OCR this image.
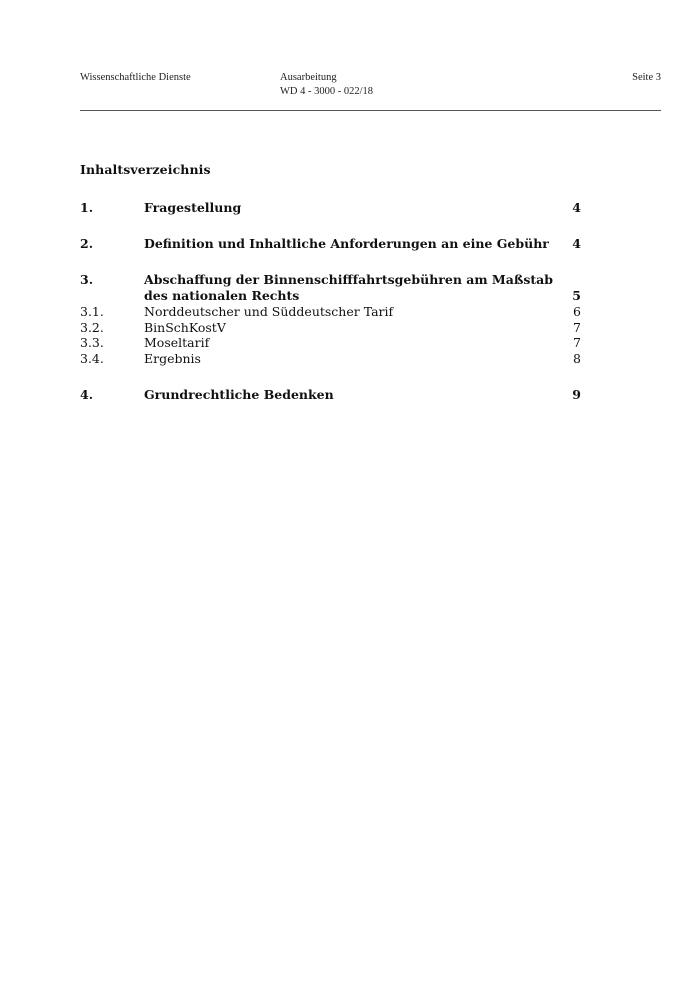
Wissenschaftliche Dienste	Ausarbeitung
WD 4 - 3000 - 022/18
Seite 3
Inhaltsverzeichnis
1.	Fragestellung	4
2.	Definition und Inhaltliche Anforderungen an eine Gebühr	4
3.	Abschaffung der Binnenschifffahrtsgebühren am Maßstab
des nationalen Rechts	5
3.1.	Norddeutscher und Süddeutscher Tarif	6
3.2.	BinSchKostV	7
3.3.	Moseltarif	7
3.4.	Ergebnis	8
4.	Grundrechtliche Bedenken	9
